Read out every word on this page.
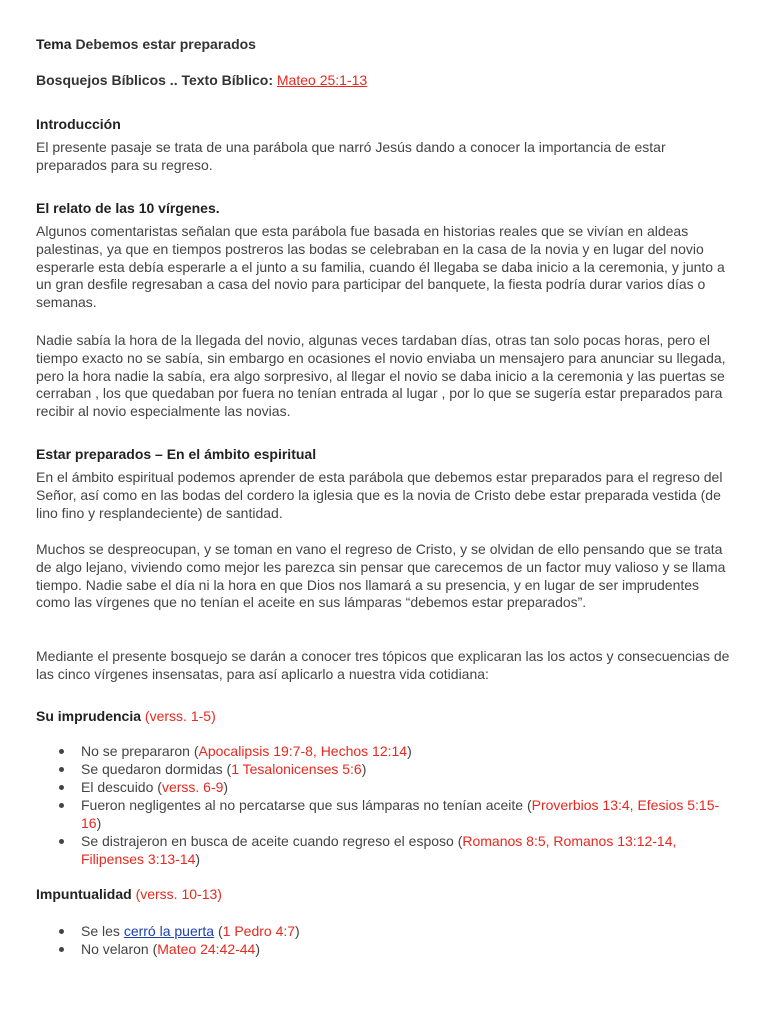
Tema Debemos estar preparados
Bosquejos Bíblicos .. Texto Bíblico: Mateo 25:1-13
Introducción

El presente pasaje se trata de una parábola que narró Jesús dando a conocer la importancia de estar preparados para su regreso.

El relato de las 10 vírgenes.

Algunos comentaristas señalan que esta parábola fue basada en historias reales que se vivían en aldeas palestinas, ya que en tiempos postreros las bodas se celebraban en la casa de la novia y en lugar del novio esperarle esta debía esperarle a el junto a su familia, cuando él llegaba se daba inicio a la ceremonia, y junto a un gran desfile regresaban a casa del novio para participar del banquete, la fiesta podría durar varios días o semanas.

Nadie sabía la hora de la llegada del novio, algunas veces tardaban días, otras tan solo pocas horas, pero el tiempo exacto no se sabía, sin embargo en ocasiones el novio enviaba un mensajero para anunciar su llegada, pero la hora nadie la sabía, era algo sorpresivo, al llegar el novio se daba inicio a la ceremonia y las puertas se cerraban , los que quedaban por fuera no tenían entrada al lugar , por lo que se sugería estar preparados para recibir al novio especialmente las novias.

Estar preparados – En el ámbito espiritual

En el ámbito espiritual podemos aprender de esta parábola que debemos estar preparados para el regreso del Señor, así como en las bodas del cordero la iglesia que es la novia de Cristo debe estar preparada vestida (de lino fino y resplandeciente) de santidad.

Muchos se despreocupan, y se toman en vano el regreso de Cristo, y se olvidan de ello pensando que se trata de algo lejano, viviendo como mejor les parezca sin pensar que carecemos de un factor muy valioso y se llama tiempo. Nadie sabe el día ni la hora en que Dios nos llamará a su presencia, y en lugar de ser imprudentes como las vírgenes que no tenían el aceite en sus lámparas “debemos estar preparados”.

Mediante el presente bosquejo se darán a conocer tres tópicos que explicaran las los actos y consecuencias de las cinco vírgenes insensatas, para así aplicarlo a nuestra vida cotidiana:

Su imprudencia (verss. 1-5)
No se prepararon (Apocalipsis 19:7-8, Hechos 12:14)
Se quedaron dormidas (1 Tesalonicenses 5:6)
El descuido (verss. 6-9)
Fueron negligentes al no percatarse que sus lámparas no tenían aceite (Proverbios 13:4, Efesios 5:15-16)
Se distrajeron en busca de aceite cuando regreso el esposo (Romanos 8:5, Romanos 13:12-14, Filipenses 3:13-14)
Impuntualidad (verss. 10-13)
Se les cerró la puerta (1 Pedro 4:7)
No velaron (Mateo 24:42-44)
